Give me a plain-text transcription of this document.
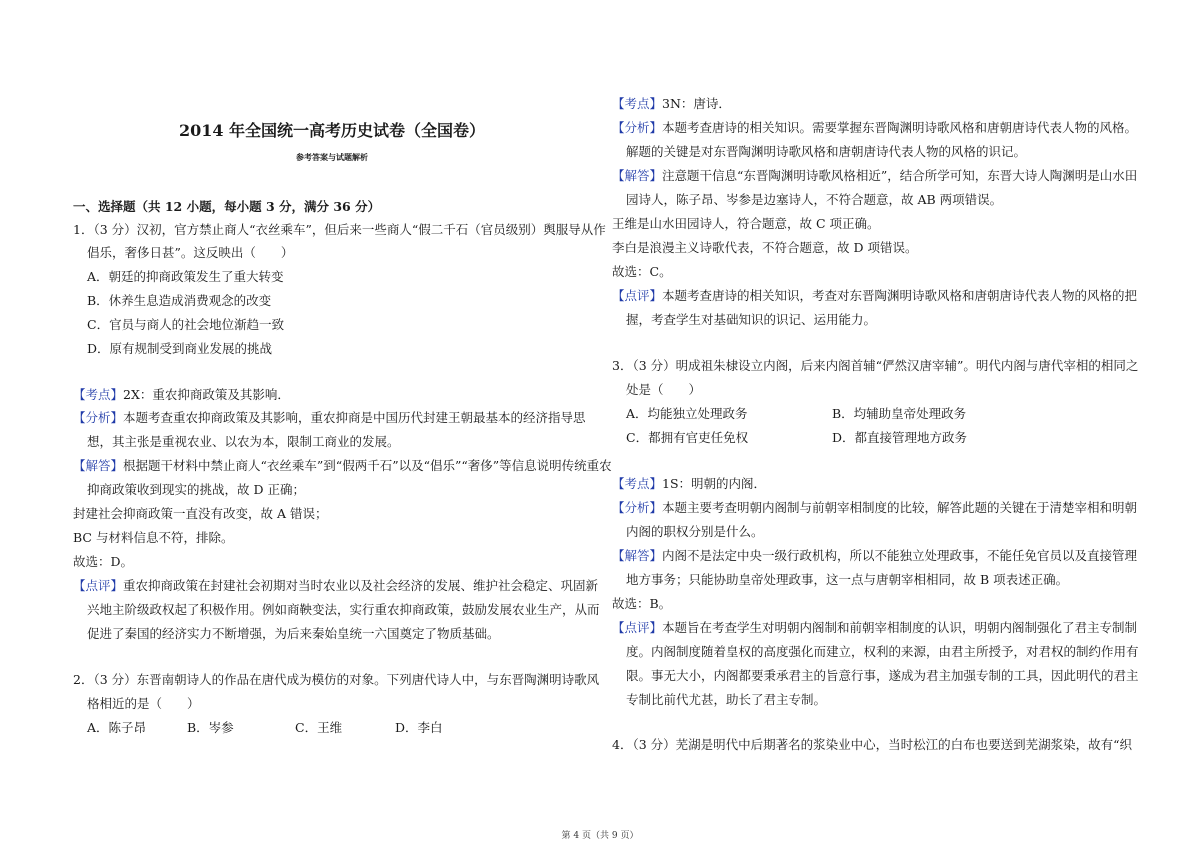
2014 年全国统一高考历史试卷（全国卷）
参考答案与试题解析
一、选择题（共 12 小题，每小题 3 分，满分 36 分）
1．（3 分）汉初，官方禁止商人“衣丝乘车”，但后来一些商人“假二千石（官员级别）舆服导从作
倡乐，奢侈日甚”。这反映出（　　）
A．朝廷的抑商政策发生了重大转变
B．休养生息造成消费观念的改变
C．官员与商人的社会地位渐趋一致
D．原有规制受到商业发展的挑战
【考点】2X：重农抑商政策及其影响．
【分析】本题考查重农抑商政策及其影响，重农抑商是中国历代封建王朝最基本的经济指导思
想，其主张是重视农业、以农为本，限制工商业的发展。
【解答】根据题干材料中禁止商人“衣丝乘车”到“假两千石”以及“倡乐”“奢侈”等信息说明传统重农
抑商政策收到现实的挑战，故 D 正确；
封建社会抑商政策一直没有改变，故 A 错误；
BC 与材料信息不符，排除。
故选：D。
【点评】重农抑商政策在封建社会初期对当时农业以及社会经济的发展、维护社会稳定、巩固新
兴地主阶级政权起了积极作用。例如商鞅变法，实行重农抑商政策，鼓励发展农业生产，从而
促进了秦国的经济实力不断增强，为后来秦始皇统一六国奠定了物质基础。
2．（3 分）东晋南朝诗人的作品在唐代成为模仿的对象。下列唐代诗人中，与东晋陶渊明诗歌风
格相近的是（　　）
A．陈子昂	B．岑参	C．王维	D．李白
【考点】3N：唐诗．
【分析】本题考查唐诗的相关知识。需要掌握东晋陶渊明诗歌风格和唐朝唐诗代表人物的风格。
解题的关键是对东晋陶渊明诗歌风格和唐朝唐诗代表人物的风格的识记。
【解答】注意题干信息“东晋陶渊明诗歌风格相近”，结合所学可知，东晋大诗人陶渊明是山水田
园诗人，陈子昂、岑参是边塞诗人，不符合题意，故 AB 两项错误。
王维是山水田园诗人，符合题意，故 C 项正确。
李白是浪漫主义诗歌代表，不符合题意，故 D 项错误。
故选：C。
【点评】本题考查唐诗的相关知识，考查对东晋陶渊明诗歌风格和唐朝唐诗代表人物的风格的把
握，考查学生对基础知识的识记、运用能力。
3．（3 分）明成祖朱棣设立内阁，后来内阁首辅“俨然汉唐宰辅”。明代内阁与唐代宰相的相同之
处是（　　）
A．均能独立处理政务	B．均辅助皇帝处理政务
C．都拥有官吏任免权	D．都直接管理地方政务
【考点】1S：明朝的内阁．
【分析】本题主要考查明朝内阁制与前朝宰相制度的比较，解答此题的关键在于清楚宰相和明朝
内阁的职权分别是什么。
【解答】内阁不是法定中央一级行政机构，所以不能独立处理政事，不能任免官员以及直接管理
地方事务；只能协助皇帝处理政事，这一点与唐朝宰相相同，故 B 项表述正确。
故选：B。
【点评】本题旨在考查学生对明朝内阁制和前朝宰相制度的认识，明朝内阁制强化了君主专制制
度。内阁制度随着皇权的高度强化而建立，权利的来源，由君主所授予，对君权的制约作用有
限。事无大小，内阁都要秉承君主的旨意行事，遂成为君主加强专制的工具，因此明代的君主
专制比前代尤甚，助长了君主专制。
4．（3 分）芜湖是明代中后期著名的浆染业中心，当时松江的白布也要送到芜湖浆染，故有“织
第 4 页（共 9 页）
